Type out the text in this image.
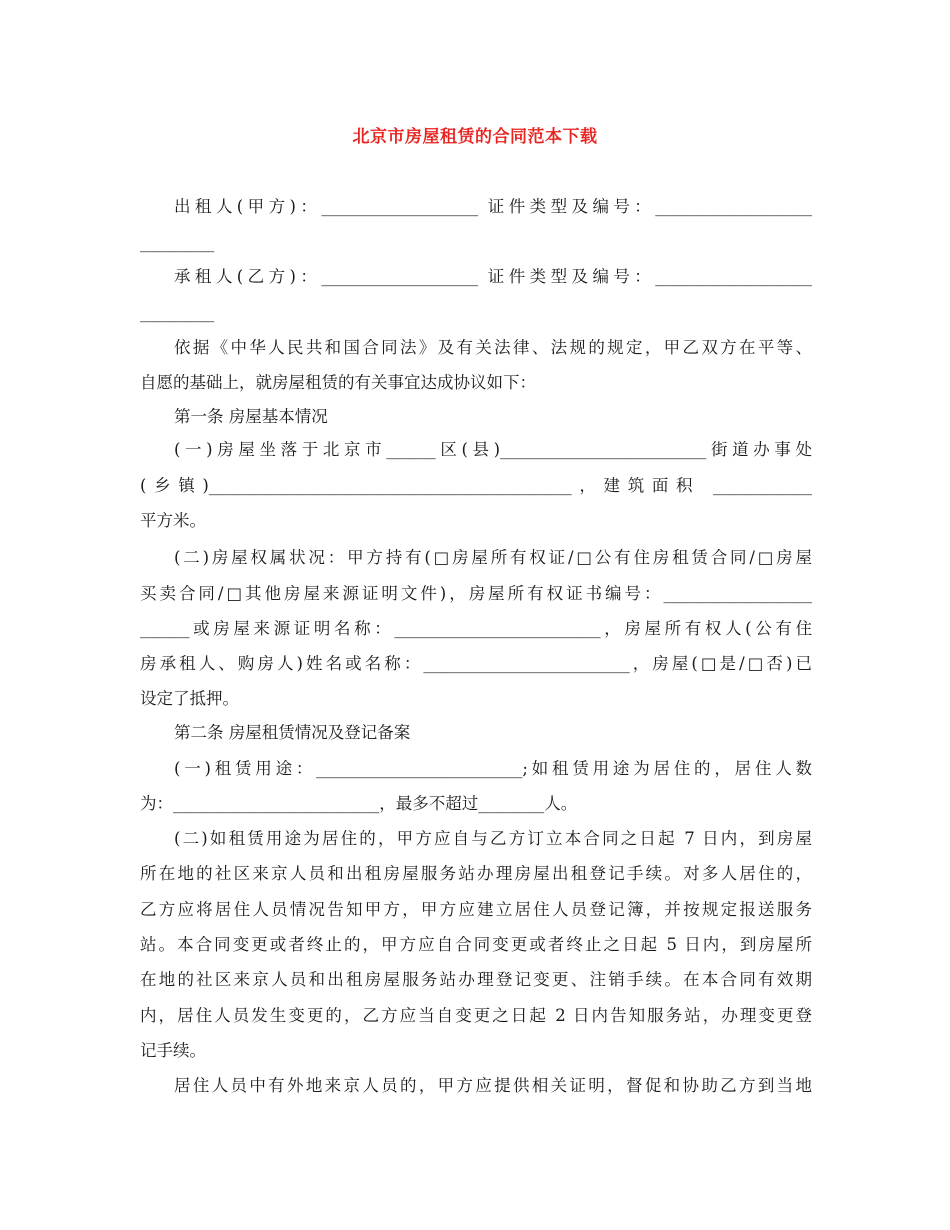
北京市房屋租赁的合同范本下载
出租人(甲方)：___________________ 证件类型及编号：___________________
_________
承租人(乙方)：___________________ 证件类型及编号：___________________
_________
依据《中华人民共和国合同法》及有关法律、法规的规定，甲乙双方在平等、
自愿的基础上，就房屋租赁的有关事宜达成协议如下：
第一条 房屋基本情况
(一)房屋坐落于北京市______区(县)_________________________街道办事处
(乡镇)____________________________________________，建筑面积 ____________
平方米。
(二)房屋权属状况：甲方持有(□房屋所有权证/□公有住房租赁合同/□房屋
买卖合同/□其他房屋来源证明文件)，房屋所有权证书编号：__________________
______或房屋来源证明名称：_________________________，房屋所有权人(公有住
房承租人、购房人)姓名或名称：_________________________，房屋(□是/□否)已
设定了抵押。
第二条 房屋租赁情况及登记备案
(一)租赁用途：_________________________;如租赁用途为居住的，居住人数
为：_________________________，最多不超过________人。
(二)如租赁用途为居住的，甲方应自与乙方订立本合同之日起 7 日内，到房屋
所在地的社区来京人员和出租房屋服务站办理房屋出租登记手续。对多人居住的，
乙方应将居住人员情况告知甲方，甲方应建立居住人员登记簿，并按规定报送服务
站。本合同变更或者终止的，甲方应自合同变更或者终止之日起 5 日内，到房屋所
在地的社区来京人员和出租房屋服务站办理登记变更、注销手续。在本合同有效期
内，居住人员发生变更的，乙方应当自变更之日起 2 日内告知服务站，办理变更登
记手续。
居住人员中有外地来京人员的，甲方应提供相关证明，督促和协助乙方到当地
